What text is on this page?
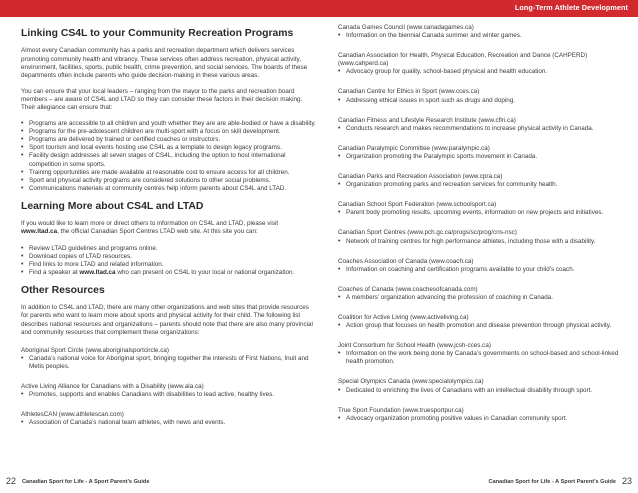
Long-Term Athlete Development
Linking CS4L to your Community Recreation Programs

Almost every Canadian community has a parks and recreation department which delivers services promoting community health and vibrancy. These services often address recreation, physical activity, environment, facilities, sports, public health, crime prevention, and social services. The boards of these departments often include parents who guide decision-making in these various areas.

You can ensure that your local leaders – ranging from the mayor to the parks and recreation board members – are aware of CS4L and LTAD so they can consider these factors in their decision making. Their allegiance can ensure that:

• Programs are accessible to all children and youth whether they are are able-bodied or have a disability.
• Programs for the pre-adolescent children are multi-sport with a focus on skill development.
• Programs are delivered by trained or certified coaches or instructors.
• Sport tourism and local events hosting use CS4L as a template to design legacy programs.
• Facility design addresses all seven stages of CS4L, including the option to host international competition in some sports.
• Training opportunities are made available at reasonable cost to ensure access for all children.
• Sport and physical activity programs are considered solutions to other social problems.
• Communications materials at community centres help inform parents about CS4L and LTAD.
Learning More about CS4L and LTAD

If you would like to learn more or direct others to information on CS4L and LTAD, please visit www.ltad.ca, the official Canadian Sport Centres LTAD web site. At this site you can:

• Review LTAD guidelines and programs online.
• Download copies of LTAD resources.
• Find links to more LTAD and related information.
• Find a speaker at www.ltad.ca who can present on CS4L to your local or national organization.
Other Resources

In addition to CS4L and LTAD, there are many other organizations and web sites that provide resources for parents who want to learn more about sports and physical activity for their child. The following list describes national resources and organizations – parents should note that there are also many provincial and community resources that complement these organizations:

Aboriginal Sport Circle (www.aboriginalsportcircle.ca)
• Canada’s national voice for Aboriginal sport, bringing together the interests of First Nations, Inuit and Metis peoples.
Active Living Alliance for Canadians with a Disability (www.ala.ca)
• Promotes, supports and enables Canadians with disabilities to lead active, healthy lives.
AthletesCAN (www.athletescan.com)
• Association of Canada’s national team athletes, with news and events.
Canada Games Council (www.canadagames.ca)
• Information on the biennial Canada summer and winter games.
Canadian Association for Health, Physical Education, Recreation and Dance (CAHPERD) (www.cahperd.ca)
• Advocacy group for quality, school-based physical and health education.
Canadian Centre for Ethics in Sport (www.cces.ca)
• Addressing ethical issues in sport such as drugs and doping.
Canadian Fitness and Lifestyle Research Institute (www.cflri.ca)
• Conducts research and makes recommendations to increase physical activity in Canada.
Canadian Paralympic Committee (www.paralympic.ca)
• Organization promoting the Paralympic sports movement in Canada.
Canadian Parks and Recreation Association (www.cpra.ca)
• Organization promoting parks and recreation services for community health.
Canadian School Sport Federation (www.schoolsport.ca)
• Parent body promoting results, upcoming events, information on new projects and initiatives.
Canadian Sport Centres (www.pch.gc.ca/progs/sc/prog/cns-nsc)
• Network of training centres for high performance athletes, including those with a disability.
Coaches Association of Canada (www.coach.ca)
• Information on coaching and certification programs available to your child’s coach.
Coaches of Canada (www.coachesofcanada.com)
• A members’ organization advancing the profession of coaching in Canada.
Coalition for Active Living (www.activeliving.ca)
• Action group that focuses on health promotion and disease prevention through physical activity.
Joint Consortium for School Health (www.jcsh-cces.ca)
• Information on the work being done by Canada’s governments on school-based and school-linked health promotion.
Special Olympics Canada (www.specialolympics.ca)
• Dedicated to enriching the lives of Canadians with an intellectual disability through sport.
True Sport Foundation (www.truesportpur.ca)
• Advocacy organization promoting positive values in Canadian community sport.
22 Canadian Sport for Life - A Sport Parent’s Guide	Canadian Sport for Life - A Sport Parent’s Guide 23
